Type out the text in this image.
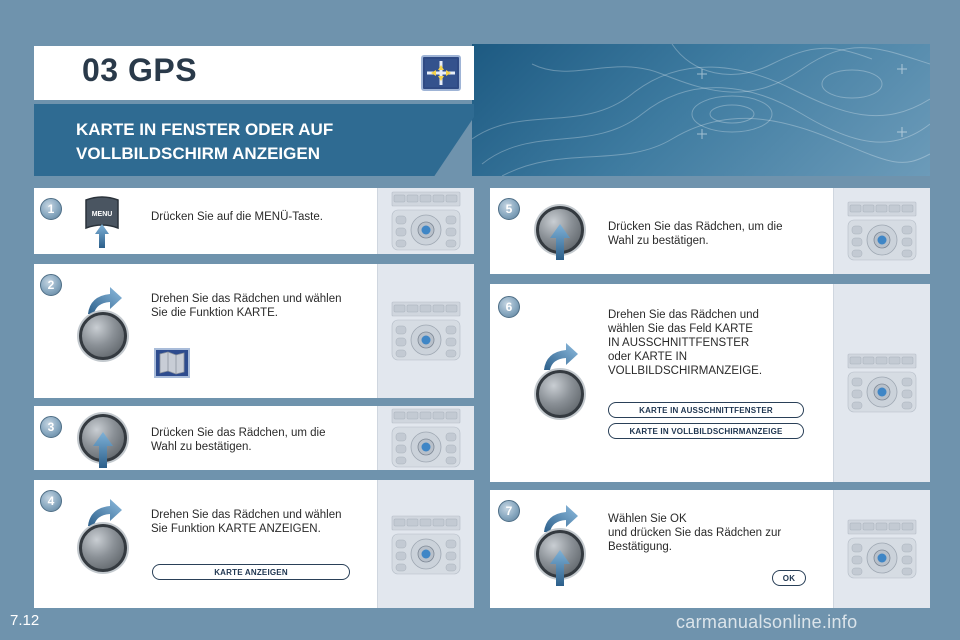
03 GPS
KARTE IN FENSTER ODER AUF
VOLLBILDSCHIRM ANZEIGEN
MENU	Drücken Sie auf die MENÜ-Taste.
1
Drehen Sie das Rädchen und wählen
Sie die Funktion KARTE.
2
Drücken Sie das Rädchen, um die
Wahl zu bestätigen.
3
Drehen Sie das Rädchen und wählen
Sie Funktion KARTE ANZEIGEN.
KARTE ANZEIGEN
4
Drücken Sie das Rädchen, um die
Wahl zu bestätigen.
5
Drehen Sie das Rädchen und
wählen Sie das Feld KARTE
IN AUSSCHNITTFENSTER
oder KARTE IN
VOLLBILDSCHIRMANZEIGE.
KARTE IN AUSSCHNITTFENSTER
KARTE IN VOLLBILDSCHIRMANZEIGE
6
Wählen Sie OK
und drücken Sie das Rädchen zur
Bestätigung.
OK
7
7.12	carmanualsonline.info
